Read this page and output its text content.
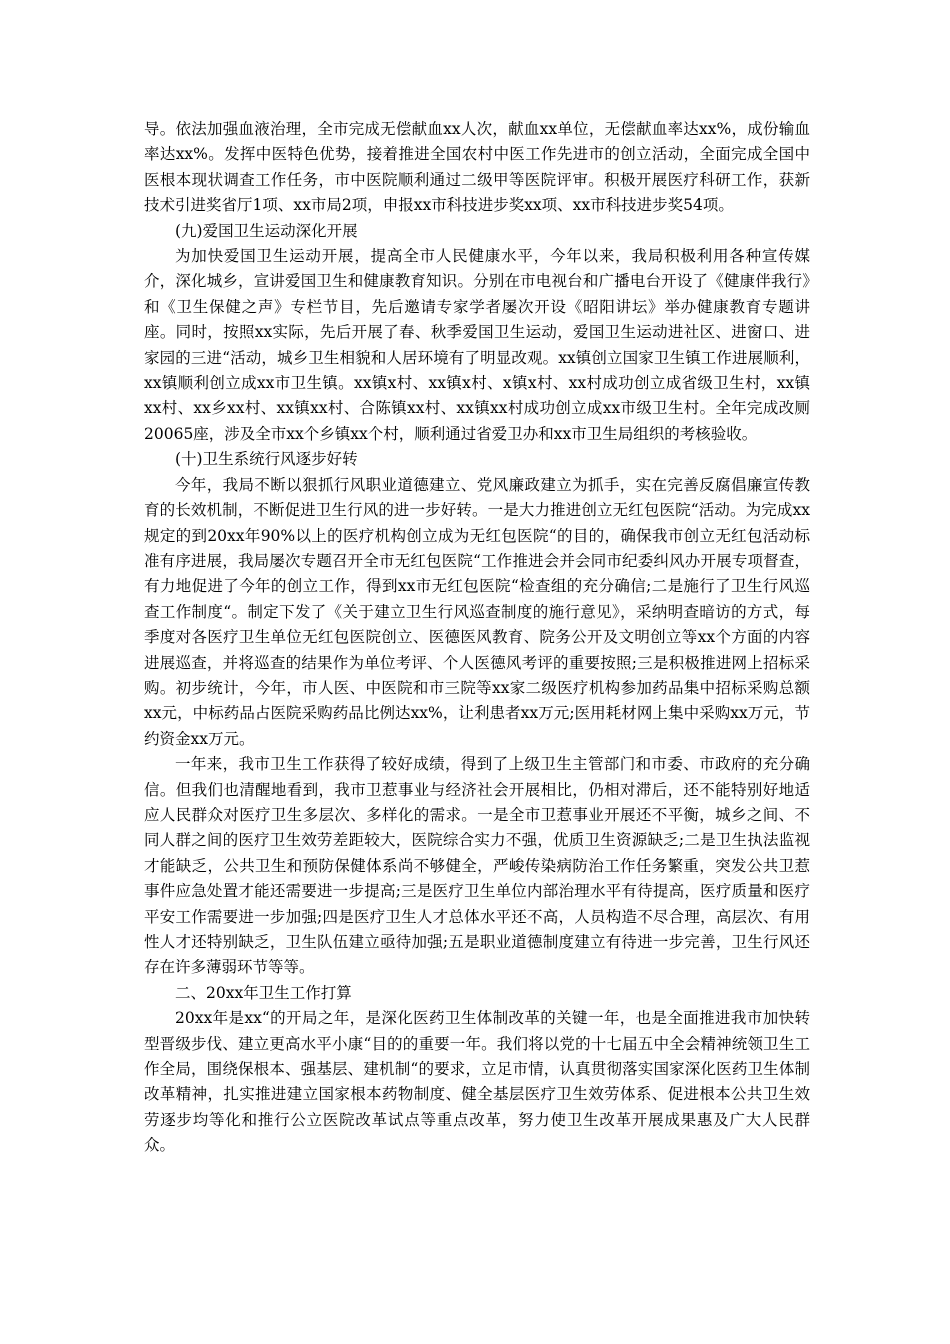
导。依法加强血液治理，全市完成无偿献血xx人次，献血xx单位，无偿献血率达xx%，成份输血率达xx%。发挥中医特色优势，接着推进全国农村中医工作先进市的创立活动，全面完成全国中医根本现状调查工作任务，市中医院顺利通过二级甲等医院评审。积极开展医疗科研工作，获新技术引进奖省厅1项、xx市局2项，申报xx市科技进步奖xx项、xx市科技进步奖54项。

(九)爱国卫生运动深化开展

为加快爱国卫生运动开展，提高全市人民健康水平，今年以来，我局积极利用各种宣传媒介，深化城乡，宣讲爱国卫生和健康教育知识。分别在市电视台和广播电台开设了《健康伴我行》和《卫生保健之声》专栏节目，先后邀请专家学者屡次开设《昭阳讲坛》举办健康教育专题讲座。同时，按照xx实际，先后开展了春、秋季爱国卫生运动，爱国卫生运动进社区、进窗口、进家园的三进“活动，城乡卫生相貌和人居环境有了明显改观。xx镇创立国家卫生镇工作进展顺利，xx镇顺利创立成xx市卫生镇。xx镇x村、xx镇x村、x镇x村、xx村成功创立成省级卫生村，xx镇xx村、xx乡xx村、xx镇xx村、合陈镇xx村、xx镇xx村成功创立成xx市级卫生村。全年完成改厕20065座，涉及全市xx个乡镇xx个村，顺利通过省爱卫办和xx市卫生局组织的考核验收。

(十)卫生系统行风逐步好转

今年，我局不断以狠抓行风职业道德建立、党风廉政建立为抓手，实在完善反腐倡廉宣传教育的长效机制，不断促进卫生行风的进一步好转。一是大力推进创立无红包医院“活动。为完成xx规定的到20xx年90%以上的医疗机构创立成为无红包医院“的目的，确保我市创立无红包活动标准有序进展，我局屡次专题召开全市无红包医院“工作推进会并会同市纪委纠风办开展专项督查，有力地促进了今年的创立工作，得到xx市无红包医院“检查组的充分确信;二是施行了卫生行风巡查工作制度“。制定下发了《关于建立卫生行风巡查制度的施行意见》，采纳明查暗访的方式，每季度对各医疗卫生单位无红包医院创立、医德医风教育、院务公开及文明创立等xx个方面的内容进展巡查，并将巡查的结果作为单位考评、个人医德风考评的重要按照;三是积极推进网上招标采购。初步统计，今年，市人医、中医院和市三院等xx家二级医疗机构参加药品集中招标采购总额xx元，中标药品占医院采购药品比例达xx%，让利患者xx万元;医用耗材网上集中采购xx万元，节约资金xx万元。

一年来，我市卫生工作获得了较好成绩，得到了上级卫生主管部门和市委、市政府的充分确信。但我们也清醒地看到，我市卫惹事业与经济社会开展相比，仍相对滞后，还不能特别好地适应人民群众对医疗卫生多层次、多样化的需求。一是全市卫惹事业开展还不平衡，城乡之间、不同人群之间的医疗卫生效劳差距较大，医院综合实力不强，优质卫生资源缺乏;二是卫生执法监视才能缺乏，公共卫生和预防保健体系尚不够健全，严峻传染病防治工作任务繁重，突发公共卫惹事件应急处置才能还需要进一步提高;三是医疗卫生单位内部治理水平有待提高，医疗质量和医疗平安工作需要进一步加强;四是医疗卫生人才总体水平还不高，人员构造不尽合理，高层次、有用性人才还特别缺乏，卫生队伍建立亟待加强;五是职业道德制度建立有待进一步完善，卫生行风还存在许多薄弱环节等等。

二、20xx年卫生工作打算

20xx年是xx“的开局之年，是深化医药卫生体制改革的关键一年，也是全面推进我市加快转型晋级步伐、建立更高水平小康“目的的重要一年。我们将以党的十七届五中全会精神统领卫生工作全局，围绕保根本、强基层、建机制“的要求，立足市情，认真贯彻落实国家深化医药卫生体制改革精神，扎实推进建立国家根本药物制度、健全基层医疗卫生效劳体系、促进根本公共卫生效劳逐步均等化和推行公立医院改革试点等重点改革，努力使卫生改革开展成果惠及广大人民群众。
